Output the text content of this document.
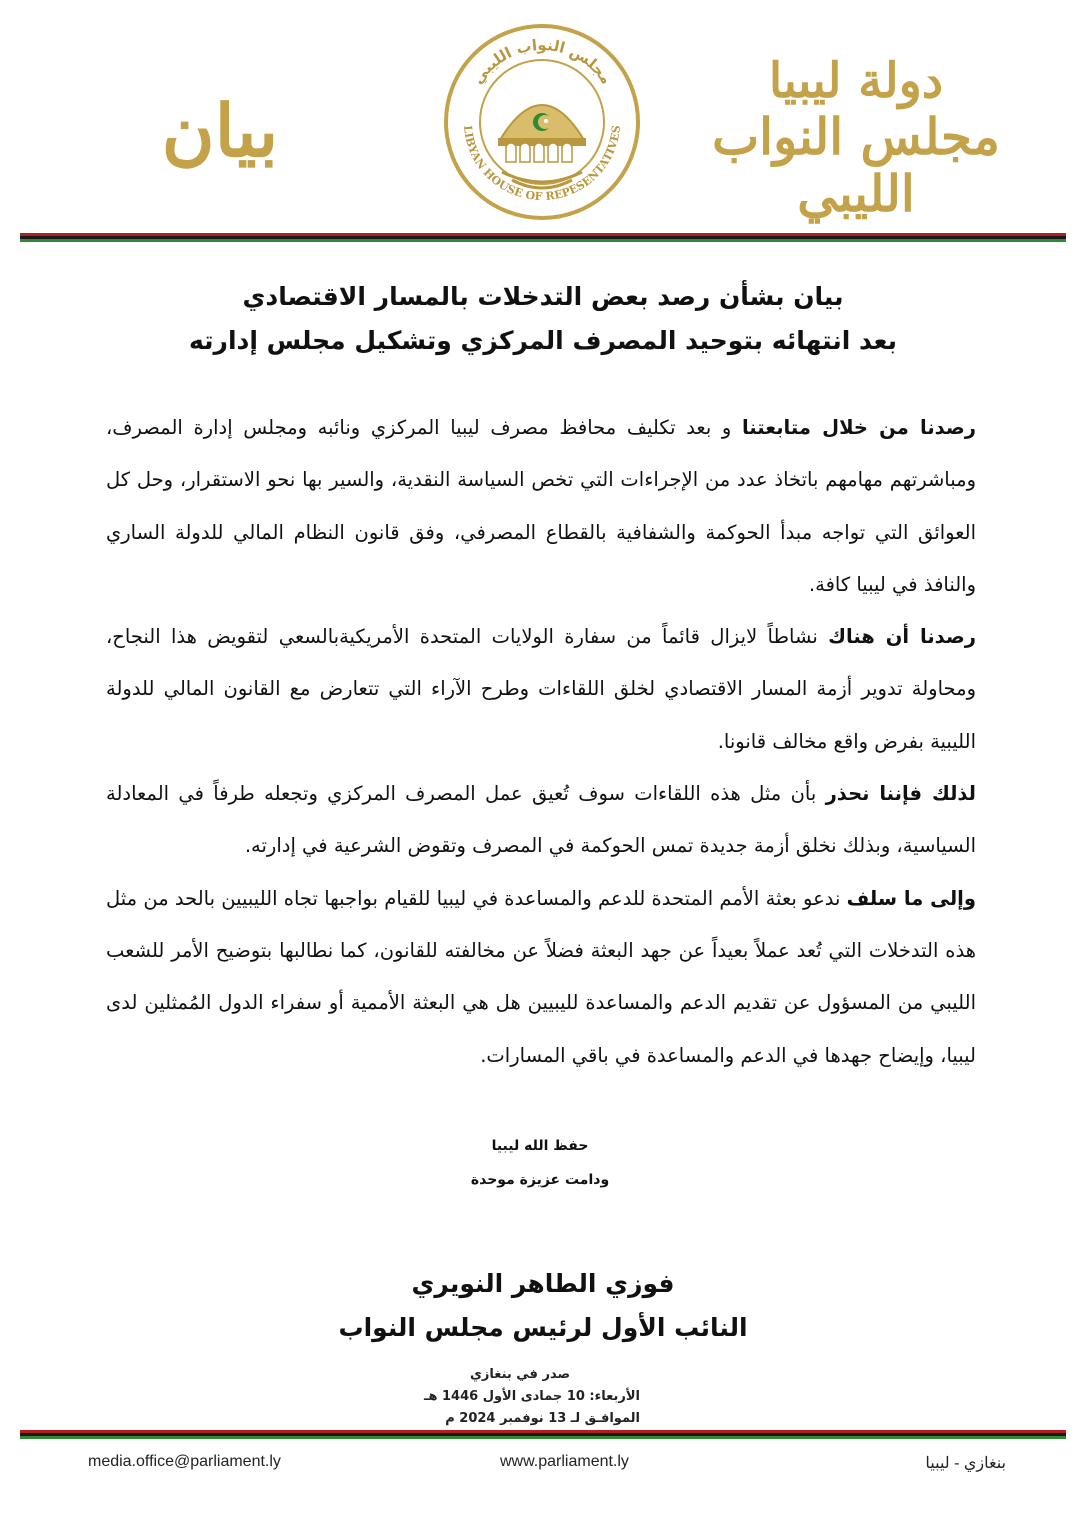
بيان
مجلس النواب الليبي
LIBYAN HOUSE OF REPESENTATIVES
دولة ليبيا
مجلس النواب الليبي
بيان بشأن رصد بعض التدخلات بالمسار الاقتصادي
بعد انتهائه بتوحيد المصرف المركزي وتشكيل مجلس إدارته

رصدنا من خلال متابعتنا و بعد تكليف محافظ مصرف ليبيا المركزي ونائبه ومجلس إدارة المصرف، ومباشرتهم مهامهم باتخاذ عدد من الإجراءات التي تخص السياسة النقدية، والسير بها نحو الاستقرار، وحل كل العوائق التي تواجه مبدأ الحوكمة والشفافية بالقطاع المصرفي، وفق قانون النظام المالي للدولة الساري والنافذ في ليبيا كافة.

رصدنا أن هناك نشاطاً لايزال قائماً من سفارة الولايات المتحدة الأمريكيةبالسعي لتقويض هذا النجاح، ومحاولة تدوير أزمة المسار الاقتصادي لخلق اللقاءات وطرح الآراء التي تتعارض مع القانون المالي للدولة الليبية بفرض واقع مخالف قانونا.

لذلك فإننا نحذر بأن مثل هذه اللقاءات سوف تُعيق عمل المصرف المركزي وتجعله طرفاً في المعادلة السياسية، وبذلك نخلق أزمة جديدة تمس الحوكمة في المصرف وتقوض الشرعية في إدارته.

وإلى ما سلف ندعو بعثة الأمم المتحدة للدعم والمساعدة في ليبيا للقيام بواجبها تجاه الليبيين بالحد من مثل هذه التدخلات التي تُعد عملاً بعيداً عن جهد البعثة فضلاً عن مخالفته للقانون، كما نطالبها بتوضيح الأمر للشعب الليبي من المسؤول عن تقديم الدعم والمساعدة لليبيين هل هي البعثة الأممية أو سفراء الدول المُمثلين لدى ليبيا، وإيضاح جهدها في الدعم والمساعدة في باقي المسارات.

حفظ الله ليبيا
ودامت عزيزة موحدة
فوزي الطاهر النويري
النائب الأول لرئيس مجلس النواب
صدر في بنغازي
الأربعاء: 10 جمادى الأول 1446 هـ
الموافـق لـ 13 نوفمبر 2024 م
media.office@parliament.ly	www.parliament.ly	بنغازي - ليبيا
